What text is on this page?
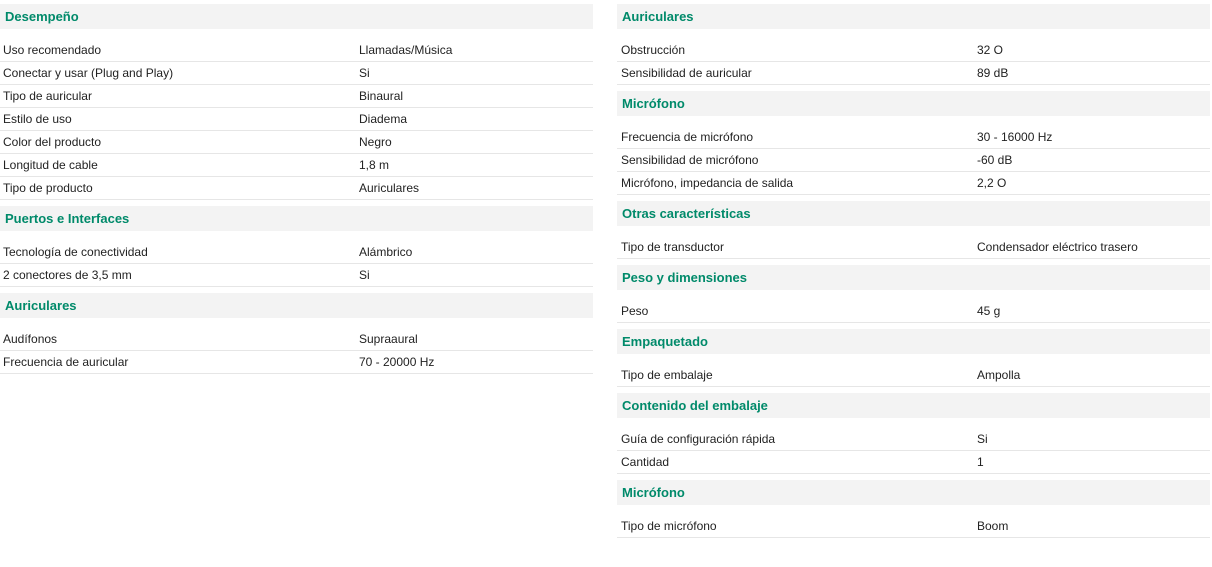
Desempeño
Uso recomendado	Llamadas/Música
Conectar y usar (Plug and Play)	Si
Tipo de auricular	Binaural
Estilo de uso	Diadema
Color del producto	Negro
Longitud de cable	1,8 m
Tipo de producto	Auriculares
Puertos e Interfaces
Tecnología de conectividad	Alámbrico
2 conectores de 3,5 mm	Si
Auriculares
Audífonos	Supraaural
Frecuencia de auricular	70 - 20000 Hz
Auriculares
Obstrucción	32 O
Sensibilidad de auricular	89 dB
Micrófono
Frecuencia de micrófono	30 - 16000 Hz
Sensibilidad de micrófono	-60 dB
Micrófono, impedancia de salida	2,2 O
Otras características
Tipo de transductor	Condensador eléctrico trasero
Peso y dimensiones
Peso	45 g
Empaquetado
Tipo de embalaje	Ampolla
Contenido del embalaje
Guía de configuración rápida	Si
Cantidad	1
Micrófono
Tipo de micrófono	Boom
